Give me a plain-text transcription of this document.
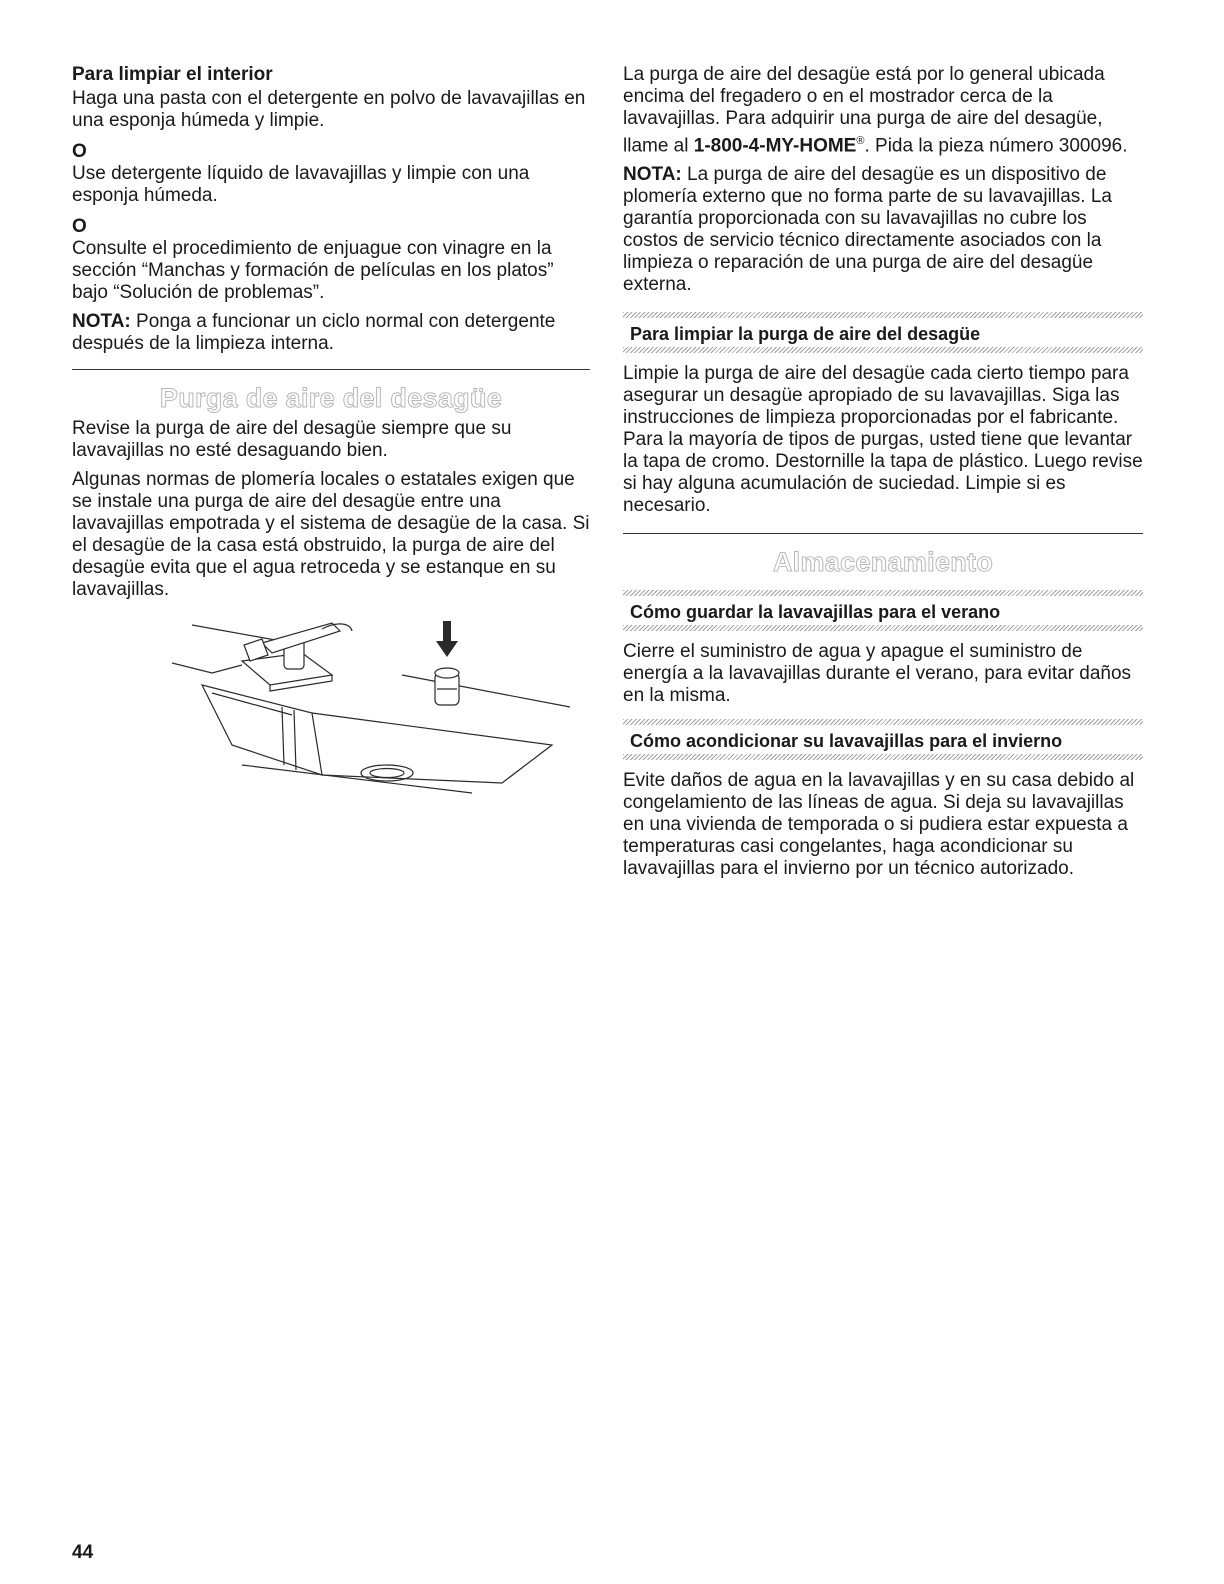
Para limpiar el interior

Haga una pasta con el detergente en polvo de lavavajillas en una esponja húmeda y limpie.

O

Use detergente líquido de lavavajillas y limpie con una esponja húmeda.

O

Consulte el procedimiento de enjuague con vinagre en la sección “Manchas y formación de películas en los platos” bajo “Solución de problemas”.

NOTA: Ponga a funcionar un ciclo normal con detergente después de la limpieza interna.

Purga de aire del desagüe

Revise la purga de aire del desagüe siempre que su lavavajillas no esté desaguando bien.

Algunas normas de plomería locales o estatales exigen que se instale una purga de aire del desagüe entre una lavavajillas empotrada y el sistema de desagüe de la casa. Si el desagüe de la casa está obstruido, la purga de aire del desagüe evita que el agua retroceda y se estanque en su lavavajillas.

La purga de aire del desagüe está por lo general ubicada encima del fregadero o en el mostrador cerca de la lavavajillas. Para adquirir una purga de aire del desagüe, llame al 1-800-4-MY-HOME®. Pida la pieza número 300096.

NOTA: La purga de aire del desagüe es un dispositivo de plomería externo que no forma parte de su lavavajillas. La garantía proporcionada con su lavavajillas no cubre los costos de servicio técnico directamente asociados con la limpieza o reparación de una purga de aire del desagüe externa.

Para limpiar la purga de aire del desagüe

Limpie la purga de aire del desagüe cada cierto tiempo para asegurar un desagüe apropiado de su lavavajillas. Siga las instrucciones de limpieza proporcionadas por el fabricante. Para la mayoría de tipos de purgas, usted tiene que levantar la tapa de cromo. Destornille la tapa de plástico. Luego revise si hay alguna acumulación de suciedad. Limpie si es necesario.

Almacenamiento
Cómo guardar la lavavajillas para el verano

Cierre el suministro de agua y apague el suministro de energía a la lavavajillas durante el verano, para evitar daños en la misma.

Cómo acondicionar su lavavajillas para el invierno

Evite daños de agua en la lavavajillas y en su casa debido al congelamiento de las líneas de agua. Si deja su lavavajillas en una vivienda de temporada o si pudiera estar expuesta a temperaturas casi congelantes, haga acondicionar su lavavajillas para el invierno por un técnico autorizado.

44
